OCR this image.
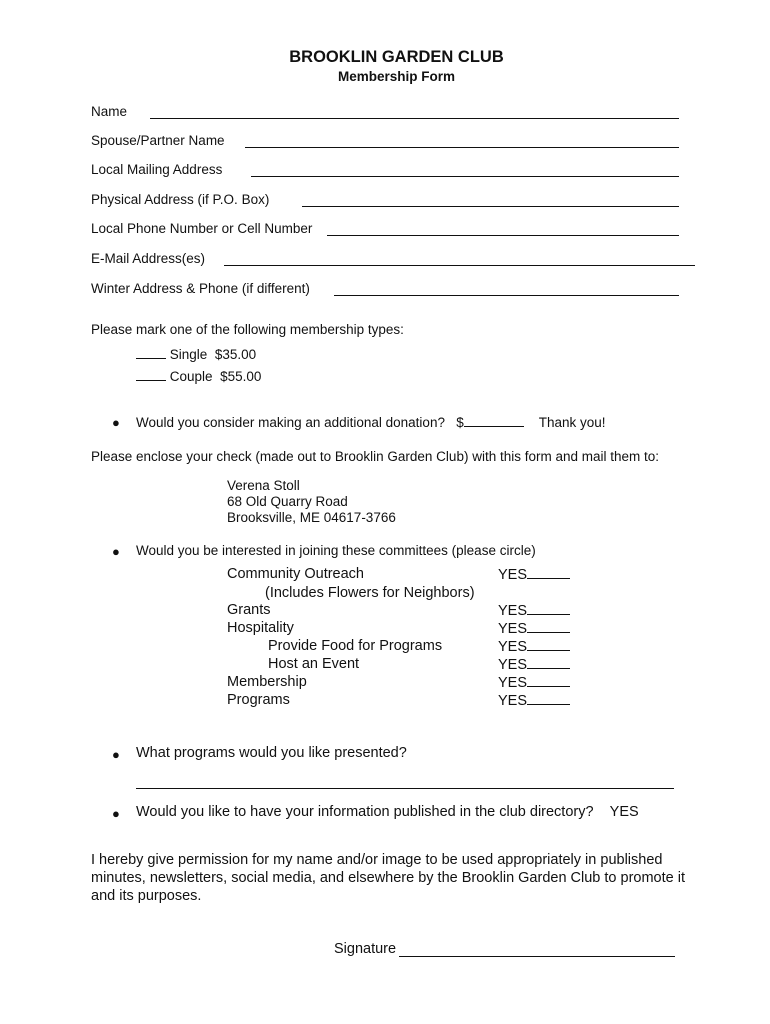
BROOKLIN GARDEN CLUB
Membership Form
Name
Spouse/Partner Name
Local Mailing Address
Physical Address (if P.O. Box)
Local Phone Number or Cell Number
E-Mail Address(es)
Winter Address & Phone (if different)
Please mark one of the following membership types:
Single $35.00
Couple $55.00
● Would you consider making an additional donation? $	Thank you!
Please enclose your check (made out to Brooklin Garden Club) with this form and mail them to:
Verena Stoll
68 Old Quarry Road
Brooksville, ME 04617-3766
● Would you be interested in joining these committees (please circle)
Community Outreach
(Includes Flowers for Neighbors)
Grants
Hospitality
Provide Food for Programs
Host an Event
Membership
Programs
YES
YES
YES
YES
YES
YES
YES
● What programs would you like presented?
● Would you like to have your information published in the club directory? YES
I hereby give permission for my name and/or image to be used appropriately in published minutes, newsletters, social media, and elsewhere by the Brooklin Garden Club to promote it and its purposes.
Signature
